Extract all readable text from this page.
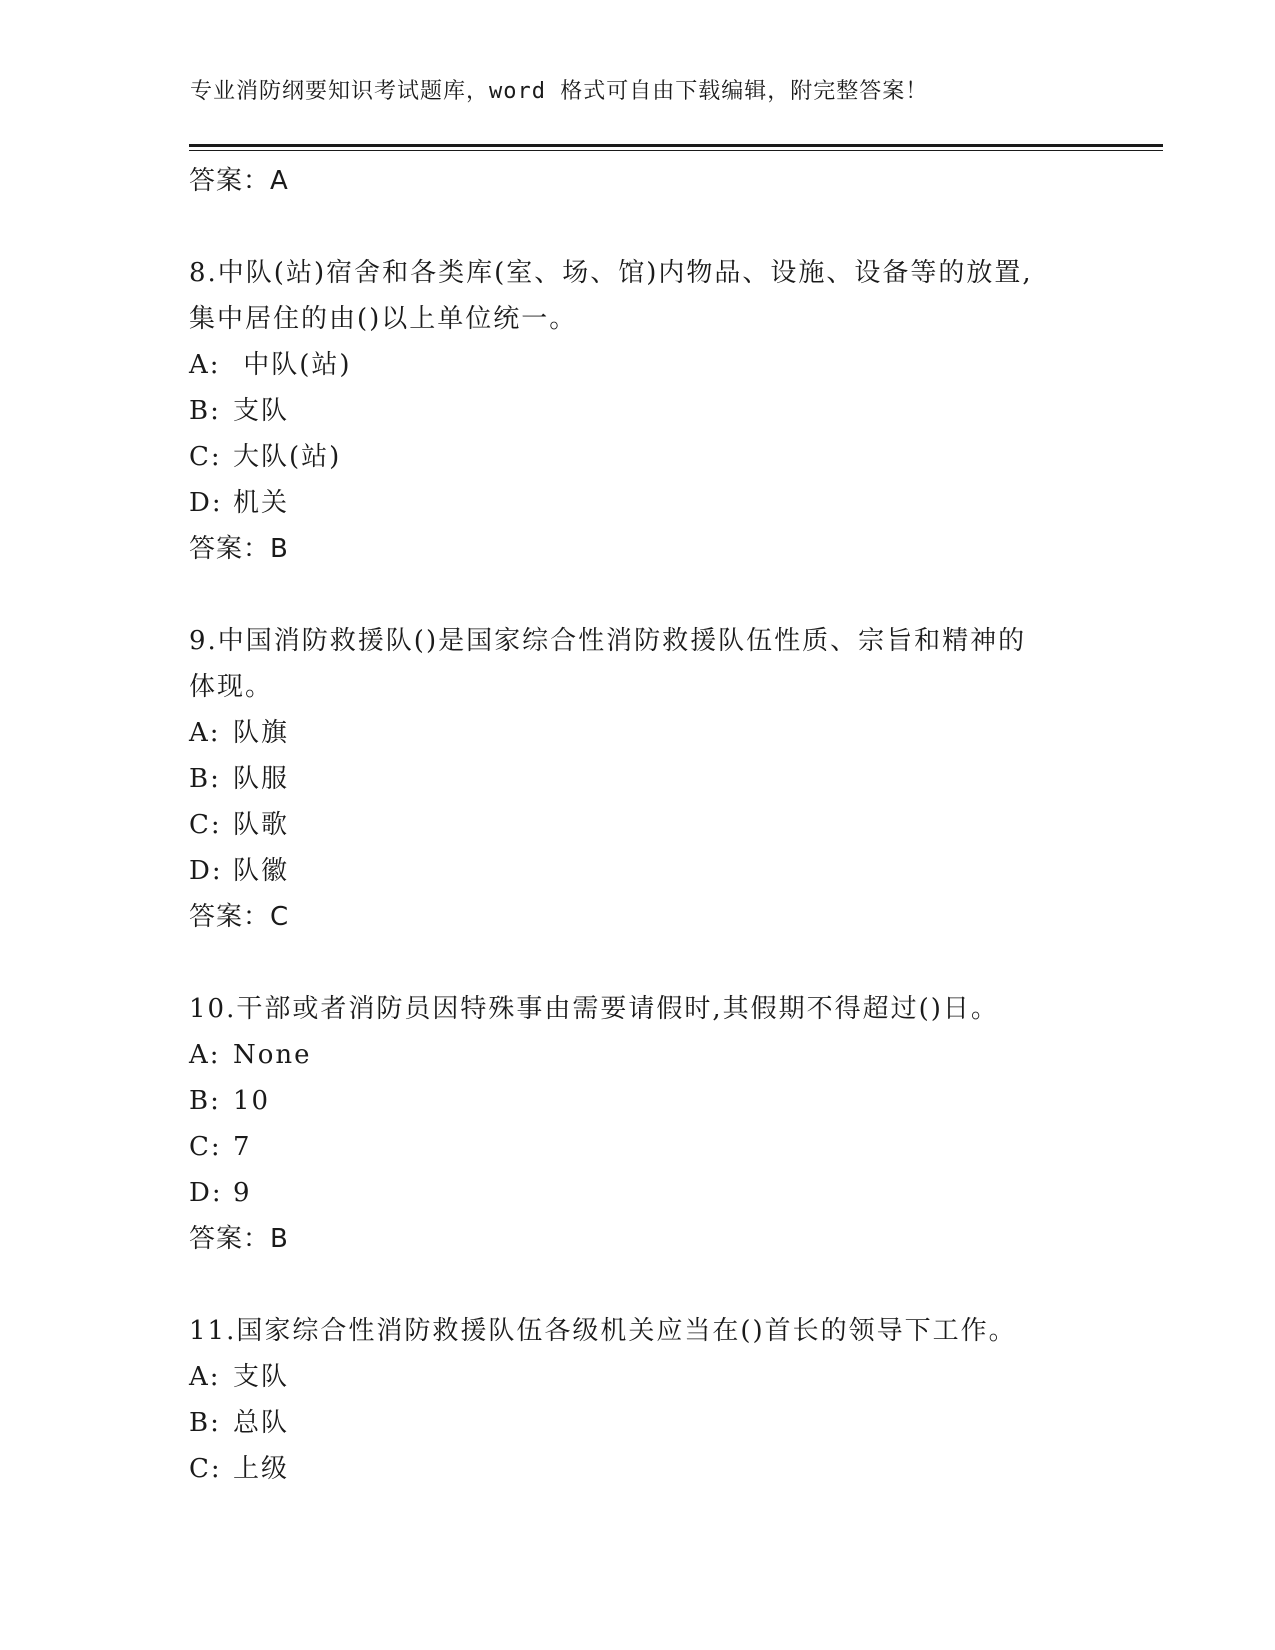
专业消防纲要知识考试题库，word 格式可自由下载编辑，附完整答案！
答案：A
8.中队(站)宿舍和各类库(室、场、馆)内物品、设施、设备等的放置,
集中居住的由()以上单位统一。
A: 中队(站)
B: 支队
C: 大队(站)
D: 机关
答案：B
9.中国消防救援队()是国家综合性消防救援队伍性质、宗旨和精神的
体现。
A: 队旗
B: 队服
C: 队歌
D: 队徽
答案：C
10.干部或者消防员因特殊事由需要请假时,其假期不得超过()日。
A: None
B: 10
C: 7
D: 9
答案：B
11.国家综合性消防救援队伍各级机关应当在()首长的领导下工作。
A: 支队
B: 总队
C: 上级
